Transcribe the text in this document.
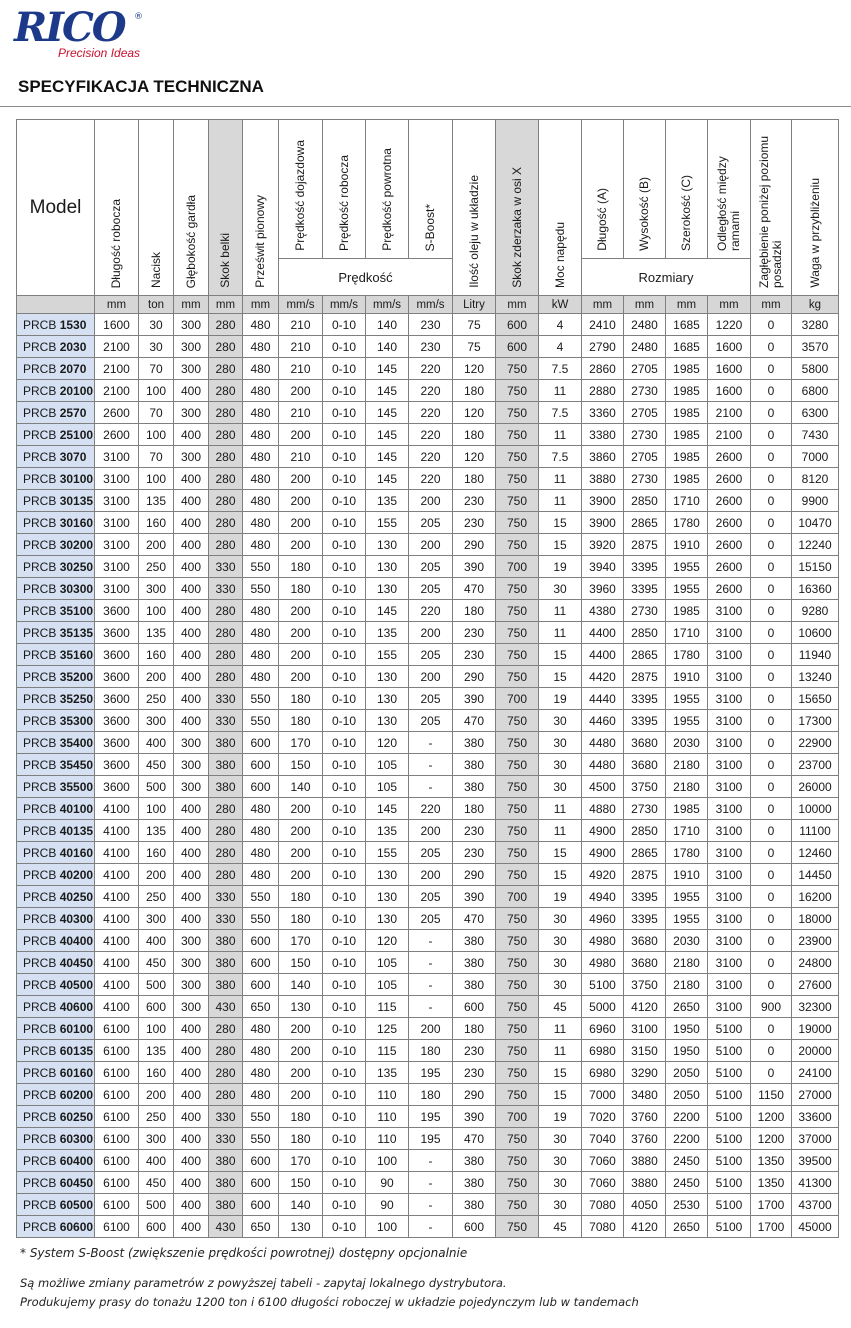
RICO ®
Precision Ideas
SPECYFIKACJA TECHNICZNA
Model	Długość robocza	Nacisk	Głębokość gardła	Skok belki	Prześwit pionowy	Prędkość dojazdowa	Prędkość robocza	Prędkość powrotna	S-Boost*	Ilość oleju w układzie	Skok zderzaka w osi X	Moc napędu	Długość (A)	Wysokość (B)	Szerokość (C)	Odległość między ramami	Zagłębienie poniżej poziomu posadzki	Waga w przybliżeniu
						Prędkość							Rozmiary					
	mm	ton	mm	mm	mm	mm/s	mm/s	mm/s	mm/s	Litry	mm	kW	mm	mm	mm	mm	mm	kg
PRCB 1530	1600	30	300	280	480	210	0-10	140	230	75	600	4	2410	2480	1685	1220	0	3280
PRCB 2030	2100	30	300	280	480	210	0-10	140	230	75	600	4	2790	2480	1685	1600	0	3570
PRCB 2070	2100	70	300	280	480	210	0-10	145	220	120	750	7.5	2860	2705	1985	1600	0	5800
PRCB 20100	2100	100	400	280	480	200	0-10	145	220	180	750	11	2880	2730	1985	1600	0	6800
PRCB 2570	2600	70	300	280	480	210	0-10	145	220	120	750	7.5	3360	2705	1985	2100	0	6300
PRCB 25100	2600	100	400	280	480	200	0-10	145	220	180	750	11	3380	2730	1985	2100	0	7430
PRCB 3070	3100	70	300	280	480	210	0-10	145	220	120	750	7.5	3860	2705	1985	2600	0	7000
PRCB 30100	3100	100	400	280	480	200	0-10	145	220	180	750	11	3880	2730	1985	2600	0	8120
PRCB 30135	3100	135	400	280	480	200	0-10	135	200	230	750	11	3900	2850	1710	2600	0	9900
PRCB 30160	3100	160	400	280	480	200	0-10	155	205	230	750	15	3900	2865	1780	2600	0	10470
PRCB 30200	3100	200	400	280	480	200	0-10	130	200	290	750	15	3920	2875	1910	2600	0	12240
PRCB 30250	3100	250	400	330	550	180	0-10	130	205	390	700	19	3940	3395	1955	2600	0	15150
PRCB 30300	3100	300	400	330	550	180	0-10	130	205	470	750	30	3960	3395	1955	2600	0	16360
PRCB 35100	3600	100	400	280	480	200	0-10	145	220	180	750	11	4380	2730	1985	3100	0	9280
PRCB 35135	3600	135	400	280	480	200	0-10	135	200	230	750	11	4400	2850	1710	3100	0	10600
PRCB 35160	3600	160	400	280	480	200	0-10	155	205	230	750	15	4400	2865	1780	3100	0	11940
PRCB 35200	3600	200	400	280	480	200	0-10	130	200	290	750	15	4420	2875	1910	3100	0	13240
PRCB 35250	3600	250	400	330	550	180	0-10	130	205	390	700	19	4440	3395	1955	3100	0	15650
PRCB 35300	3600	300	400	330	550	180	0-10	130	205	470	750	30	4460	3395	1955	3100	0	17300
PRCB 35400	3600	400	300	380	600	170	0-10	120	-	380	750	30	4480	3680	2030	3100	0	22900
PRCB 35450	3600	450	300	380	600	150	0-10	105	-	380	750	30	4480	3680	2180	3100	0	23700
PRCB 35500	3600	500	300	380	600	140	0-10	105	-	380	750	30	4500	3750	2180	3100	0	26000
PRCB 40100	4100	100	400	280	480	200	0-10	145	220	180	750	11	4880	2730	1985	3100	0	10000
PRCB 40135	4100	135	400	280	480	200	0-10	135	200	230	750	11	4900	2850	1710	3100	0	11100
PRCB 40160	4100	160	400	280	480	200	0-10	155	205	230	750	15	4900	2865	1780	3100	0	12460
PRCB 40200	4100	200	400	280	480	200	0-10	130	200	290	750	15	4920	2875	1910	3100	0	14450
PRCB 40250	4100	250	400	330	550	180	0-10	130	205	390	700	19	4940	3395	1955	3100	0	16200
PRCB 40300	4100	300	400	330	550	180	0-10	130	205	470	750	30	4960	3395	1955	3100	0	18000
PRCB 40400	4100	400	300	380	600	170	0-10	120	-	380	750	30	4980	3680	2030	3100	0	23900
PRCB 40450	4100	450	300	380	600	150	0-10	105	-	380	750	30	4980	3680	2180	3100	0	24800
PRCB 40500	4100	500	300	380	600	140	0-10	105	-	380	750	30	5100	3750	2180	3100	0	27600
PRCB 40600	4100	600	300	430	650	130	0-10	115	-	600	750	45	5000	4120	2650	3100	900	32300
PRCB 60100	6100	100	400	280	480	200	0-10	125	200	180	750	11	6960	3100	1950	5100	0	19000
PRCB 60135	6100	135	400	280	480	200	0-10	115	180	230	750	11	6980	3150	1950	5100	0	20000
PRCB 60160	6100	160	400	280	480	200	0-10	135	195	230	750	15	6980	3290	2050	5100	0	24100
PRCB 60200	6100	200	400	280	480	200	0-10	110	180	290	750	15	7000	3480	2050	5100	1150	27000
PRCB 60250	6100	250	400	330	550	180	0-10	110	195	390	700	19	7020	3760	2200	5100	1200	33600
PRCB 60300	6100	300	400	330	550	180	0-10	110	195	470	750	30	7040	3760	2200	5100	1200	37000
PRCB 60400	6100	400	400	380	600	170	0-10	100	-	380	750	30	7060	3880	2450	5100	1350	39500
PRCB 60450	6100	450	400	380	600	150	0-10	90	-	380	750	30	7060	3880	2450	5100	1350	41300
PRCB 60500	6100	500	400	380	600	140	0-10	90	-	380	750	30	7080	4050	2530	5100	1700	43700
PRCB 60600	6100	600	400	430	650	130	0-10	100	-	600	750	45	7080	4120	2650	5100	1700	45000
* System S-Boost (zwiększenie prędkości powrotnej) dostępny opcjonalnie
Są możliwe zmiany parametrów z powyższej tabeli - zapytaj lokalnego dystrybutora.
Produkujemy prasy do tonażu 1200 ton i 6100 długości roboczej w układzie pojedynczym lub w tandemach
